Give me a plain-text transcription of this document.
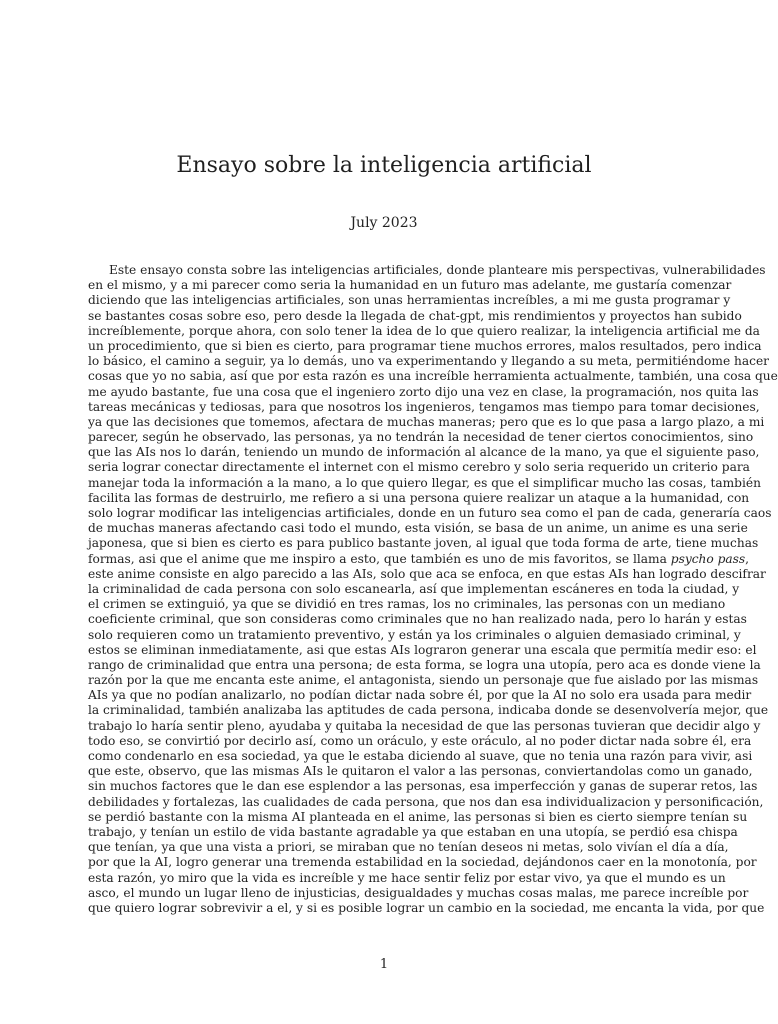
Ensayo sobre la inteligencia artificial
July 2023
Este ensayo consta sobre las inteligencias artificiales, donde planteare mis perspectivas, vulnerabilidades
en el mismo, y a mi parecer como seria la humanidad en un futuro mas adelante, me gustaría comenzar
diciendo que las inteligencias artificiales, son unas herramientas increíbles, a mi me gusta programar y
se bastantes cosas sobre eso, pero desde la llegada de chat-gpt, mis rendimientos y proyectos han subido
increíblemente, porque ahora, con solo tener la idea de lo que quiero realizar, la inteligencia artificial me da
un procedimiento, que si bien es cierto, para programar tiene muchos errores, malos resultados, pero indica
lo básico, el camino a seguir, ya lo demás, uno va experimentando y llegando a su meta, permitiéndome hacer
cosas que yo no sabia, así que por esta razón es una increíble herramienta actualmente, también, una cosa que
me ayudo bastante, fue una cosa que el ingeniero zorto dijo una vez en clase, la programación, nos quita las
tareas mecánicas y tediosas, para que nosotros los ingenieros, tengamos mas tiempo para tomar decisiones,
ya que las decisiones que tomemos, afectara de muchas maneras; pero que es lo que pasa a largo plazo, a mi
parecer, según he observado, las personas, ya no tendrán la necesidad de tener ciertos conocimientos, sino
que las AIs nos lo darán, teniendo un mundo de información al alcance de la mano, ya que el siguiente paso,
seria lograr conectar directamente el internet con el mismo cerebro y solo seria requerido un criterio para
manejar toda la información a la mano, a lo que quiero llegar, es que el simplificar mucho las cosas, también
facilita las formas de destruirlo, me refiero a si una persona quiere realizar un ataque a la humanidad, con
solo lograr modificar las inteligencias artificiales, donde en un futuro sea como el pan de cada, generaría caos
de muchas maneras afectando casi todo el mundo, esta visión, se basa de un anime, un anime es una serie
japonesa, que si bien es cierto es para publico bastante joven, al igual que toda forma de arte, tiene muchas
formas, asi que el anime que me inspiro a esto, que también es uno de mis favoritos, se llama psycho pass,
este anime consiste en algo parecido a las AIs, solo que aca se enfoca, en que estas AIs han logrado descifrar
la criminalidad de cada persona con solo escanearla, así que implementan escáneres en toda la ciudad, y
el crimen se extinguió, ya que se dividió en tres ramas, los no criminales, las personas con un mediano
coeficiente criminal, que son consideras como criminales que no han realizado nada, pero lo harán y estas
solo requieren como un tratamiento preventivo, y están ya los criminales o alguien demasiado criminal, y
estos se eliminan inmediatamente, asi que estas AIs lograron generar una escala que permitía medir eso: el
rango de criminalidad que entra una persona; de esta forma, se logra una utopía, pero aca es donde viene la
razón por la que me encanta este anime, el antagonista, siendo un personaje que fue aislado por las mismas
AIs ya que no podían analizarlo, no podían dictar nada sobre él, por que la AI no solo era usada para medir
la criminalidad, también analizaba las aptitudes de cada persona, indicaba donde se desenvolvería mejor, que
trabajo lo haría sentir pleno, ayudaba y quitaba la necesidad de que las personas tuvieran que decidir algo y
todo eso, se convirtió por decirlo así, como un oráculo, y este oráculo, al no poder dictar nada sobre él, era
como condenarlo en esa sociedad, ya que le estaba diciendo al suave, que no tenia una razón para vivir, asi
que este, observo, que las mismas AIs le quitaron el valor a las personas, conviertandolas como un ganado,
sin muchos factores que le dan ese esplendor a las personas, esa imperfección y ganas de superar retos, las
debilidades y fortalezas, las cualidades de cada persona, que nos dan esa individualizacion y personificación,
se perdió bastante con la misma AI planteada en el anime, las personas si bien es cierto siempre tenían su
trabajo, y tenían un estilo de vida bastante agradable ya que estaban en una utopía, se perdió esa chispa
que tenían, ya que una vista a priori, se miraban que no tenían deseos ni metas, solo vivían el día a día,
por que la AI, logro generar una tremenda estabilidad en la sociedad, dejándonos caer en la monotonía, por
esta razón, yo miro que la vida es increíble y me hace sentir feliz por estar vivo, ya que el mundo es un
asco, el mundo un lugar lleno de injusticias, desigualdades y muchas cosas malas, me parece increíble por
que quiero lograr sobrevivir a el, y si es posible lograr un cambio en la sociedad, me encanta la vida, por que
1
